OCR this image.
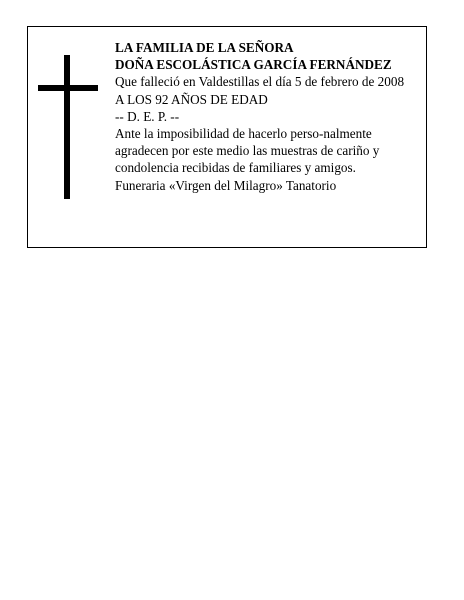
LA FAMILIA DE LA SEÑORA
DOÑA ESCOLÁSTICA GARCÍA FERNÁNDEZ
Que falleció en Valdestillas el día 5 de febrero de 2008
A LOS 92 AÑOS DE EDAD
-- D. E. P. --
Ante la imposibilidad de hacerlo perso-nalmente
agradecen por este medio las muestras de cariño y
condolencia recibidas de familiares y amigos.
Funeraria «Virgen del Milagro» Tanatorio
